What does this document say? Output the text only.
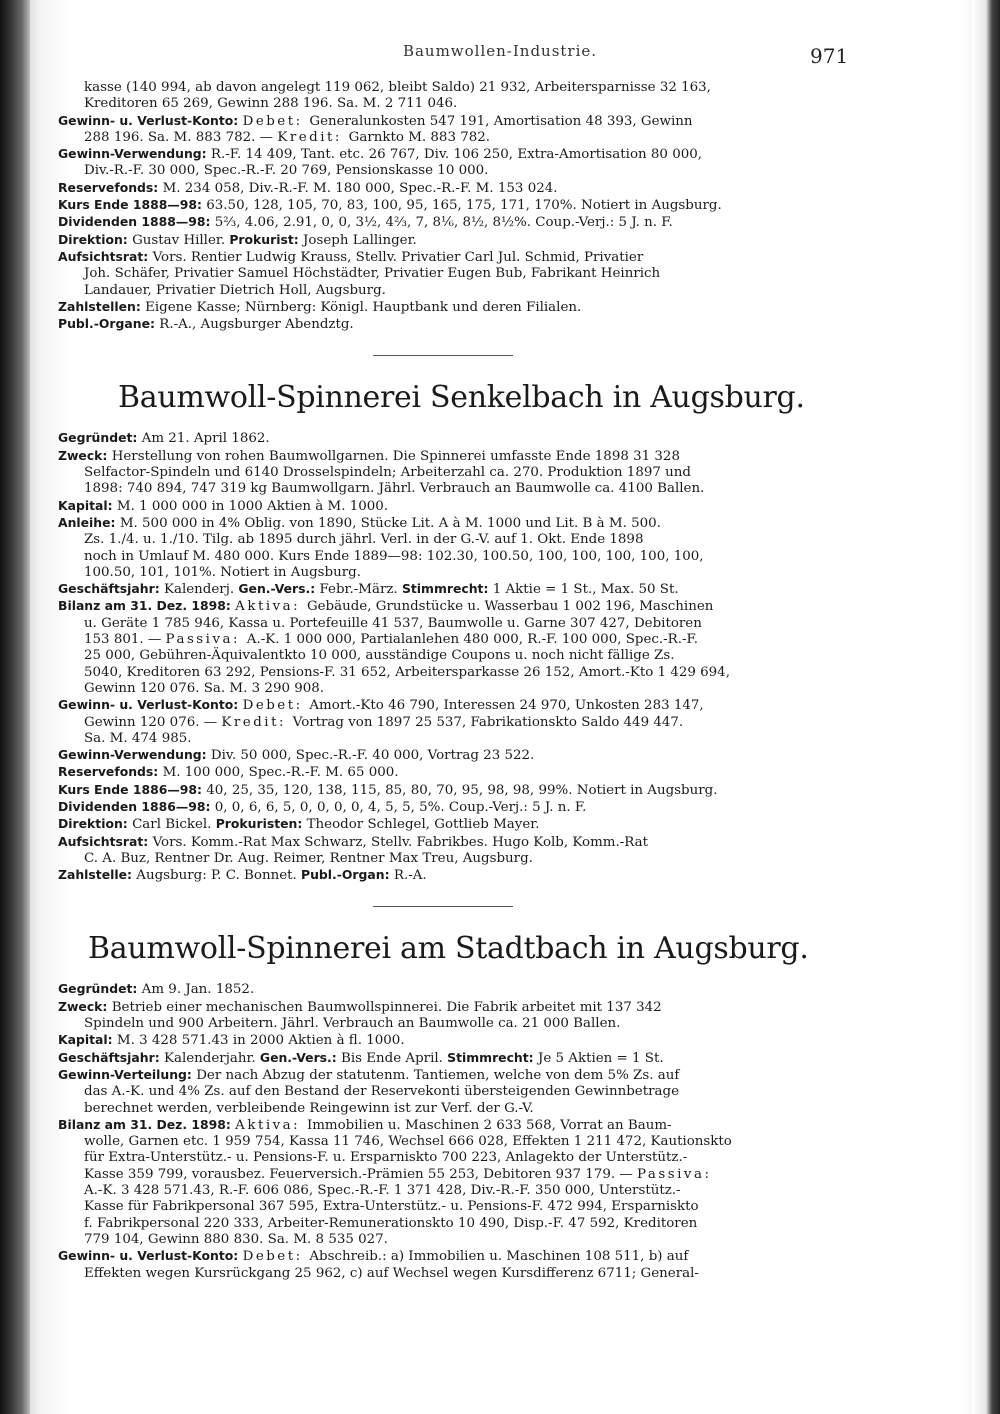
Baumwollen-Industrie.	971
kasse (140 994, ab davon angelegt 119 062, bleibt Saldo) 21 932, Arbeitersparnisse 32 163,
Kreditoren 65 269, Gewinn 288 196. Sa. M. 2 711 046.
Gewinn- u. Verlust-Konto: Debet: Generalunkosten 547 191, Amortisation 48 393, Gewinn
288 196. Sa. M. 883 782. — Kredit: Garnkto M. 883 782.
Gewinn-Verwendung: R.-F. 14 409, Tant. etc. 26 767, Div. 106 250, Extra-Amortisation 80 000,
Div.-R.-F. 30 000, Spec.-R.-F. 20 769, Pensionskasse 10 000.
Reservefonds: M. 234 058, Div.-R.-F. M. 180 000, Spec.-R.-F. M. 153 024.
Kurs Ende 1888—98: 63.50, 128, 105, 70, 83, 100, 95, 165, 175, 171, 170%. Notiert in Augsburg.
Dividenden 1888—98: 5⅔, 4.06, 2.91, 0, 0, 3½, 4⅔, 7, 8⅙, 8½, 8½%. Coup.-Verj.: 5 J. n. F.
Direktion: Gustav Hiller. Prokurist: Joseph Lallinger.
Aufsichtsrat: Vors. Rentier Ludwig Krauss, Stellv. Privatier Carl Jul. Schmid, Privatier
Joh. Schäfer, Privatier Samuel Höchstädter, Privatier Eugen Bub, Fabrikant Heinrich
Landauer, Privatier Dietrich Holl, Augsburg.
Zahlstellen: Eigene Kasse; Nürnberg: Königl. Hauptbank und deren Filialen.
Publ.-Organe: R.-A., Augsburger Abendztg.
Baumwoll-Spinnerei Senkelbach in Augsburg.
Gegründet: Am 21. April 1862.
Zweck: Herstellung von rohen Baumwollgarnen. Die Spinnerei umfasste Ende 1898 31 328
Selfactor-Spindeln und 6140 Drosselspindeln; Arbeiterzahl ca. 270. Produktion 1897 und
1898: 740 894, 747 319 kg Baumwollgarn. Jährl. Verbrauch an Baumwolle ca. 4100 Ballen.
Kapital: M. 1 000 000 in 1000 Aktien à M. 1000.
Anleihe: M. 500 000 in 4% Oblig. von 1890, Stücke Lit. A à M. 1000 und Lit. B à M. 500.
Zs. 1./4. u. 1./10. Tilg. ab 1895 durch jährl. Verl. in der G.-V. auf 1. Okt. Ende 1898
noch in Umlauf M. 480 000. Kurs Ende 1889—98: 102.30, 100.50, 100, 100, 100, 100, 100,
100.50, 101, 101%. Notiert in Augsburg.
Geschäftsjahr: Kalenderj. Gen.-Vers.: Febr.-März. Stimmrecht: 1 Aktie = 1 St., Max. 50 St.
Bilanz am 31. Dez. 1898: Aktiva: Gebäude, Grundstücke u. Wasserbau 1 002 196, Maschinen
u. Geräte 1 785 946, Kassa u. Portefeuille 41 537, Baumwolle u. Garne 307 427, Debitoren
153 801. — Passiva: A.-K. 1 000 000, Partialanlehen 480 000, R.-F. 100 000, Spec.-R.-F.
25 000, Gebühren-Äquivalentkto 10 000, ausständige Coupons u. noch nicht fällige Zs.
5040, Kreditoren 63 292, Pensions-F. 31 652, Arbeitersparkasse 26 152, Amort.-Kto 1 429 694,
Gewinn 120 076. Sa. M. 3 290 908.
Gewinn- u. Verlust-Konto: Debet: Amort.-Kto 46 790, Interessen 24 970, Unkosten 283 147,
Gewinn 120 076. — Kredit: Vortrag von 1897 25 537, Fabrikationskto Saldo 449 447.
Sa. M. 474 985.
Gewinn-Verwendung: Div. 50 000, Spec.-R.-F. 40 000, Vortrag 23 522.
Reservefonds: M. 100 000, Spec.-R.-F. M. 65 000.
Kurs Ende 1886—98: 40, 25, 35, 120, 138, 115, 85, 80, 70, 95, 98, 98, 99%. Notiert in Augsburg.
Dividenden 1886—98: 0, 0, 6, 6, 5, 0, 0, 0, 0, 4, 5, 5, 5%. Coup.-Verj.: 5 J. n. F.
Direktion: Carl Bickel. Prokuristen: Theodor Schlegel, Gottlieb Mayer.
Aufsichtsrat: Vors. Komm.-Rat Max Schwarz, Stellv. Fabrikbes. Hugo Kolb, Komm.-Rat
C. A. Buz, Rentner Dr. Aug. Reimer, Rentner Max Treu, Augsburg.
Zahlstelle: Augsburg: P. C. Bonnet. Publ.-Organ: R.-A.
Baumwoll-Spinnerei am Stadtbach in Augsburg.
Gegründet: Am 9. Jan. 1852.
Zweck: Betrieb einer mechanischen Baumwollspinnerei. Die Fabrik arbeitet mit 137 342
Spindeln und 900 Arbeitern. Jährl. Verbrauch an Baumwolle ca. 21 000 Ballen.
Kapital: M. 3 428 571.43 in 2000 Aktien à fl. 1000.
Geschäftsjahr: Kalenderjahr. Gen.-Vers.: Bis Ende April. Stimmrecht: Je 5 Aktien = 1 St.
Gewinn-Verteilung: Der nach Abzug der statutenm. Tantiemen, welche von dem 5% Zs. auf
das A.-K. und 4% Zs. auf den Bestand der Reservekonti übersteigenden Gewinnbetrage
berechnet werden, verbleibende Reingewinn ist zur Verf. der G.-V.
Bilanz am 31. Dez. 1898: Aktiva: Immobilien u. Maschinen 2 633 568, Vorrat an Baum-
wolle, Garnen etc. 1 959 754, Kassa 11 746, Wechsel 666 028, Effekten 1 211 472, Kautionskto
für Extra-Unterstütz.- u. Pensions-F. u. Ersparniskto 700 223, Anlagekto der Unterstütz.-
Kasse 359 799, vorausbez. Feuerversich.-Prämien 55 253, Debitoren 937 179. — Passiva:
A.-K. 3 428 571.43, R.-F. 606 086, Spec.-R.-F. 1 371 428, Div.-R.-F. 350 000, Unterstütz.-
Kasse für Fabrikpersonal 367 595, Extra-Unterstütz.- u. Pensions-F. 472 994, Ersparniskto
f. Fabrikpersonal 220 333, Arbeiter-Remunerationskto 10 490, Disp.-F. 47 592, Kreditoren
779 104, Gewinn 880 830. Sa. M. 8 535 027.
Gewinn- u. Verlust-Konto: Debet: Abschreib.: a) Immobilien u. Maschinen 108 511, b) auf
Effekten wegen Kursrückgang 25 962, c) auf Wechsel wegen Kursdifferenz 6711; General-
